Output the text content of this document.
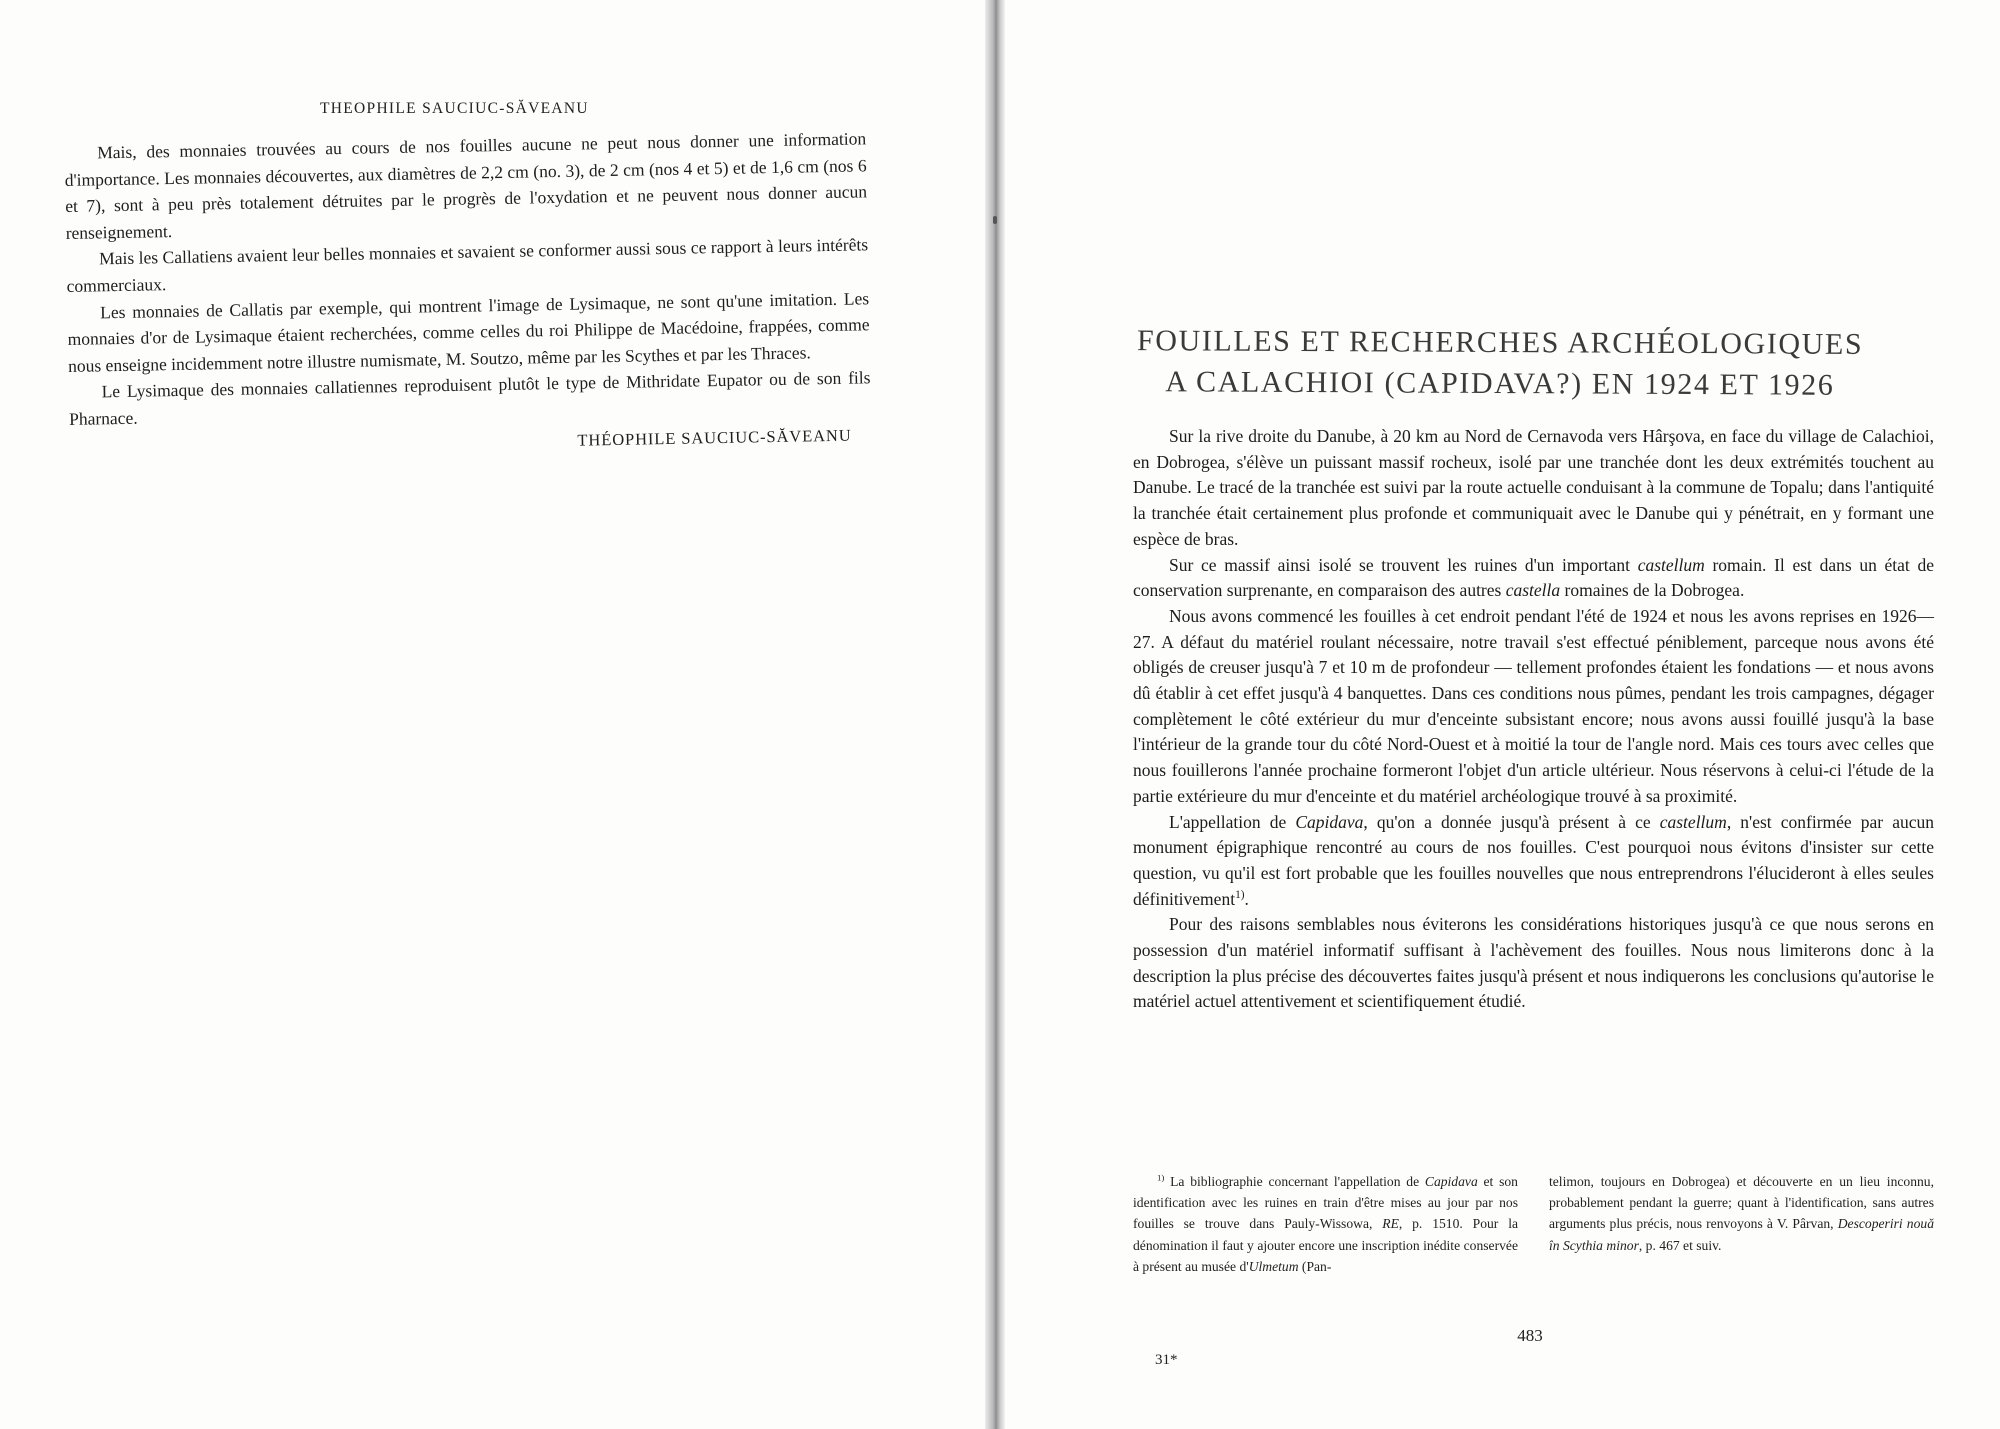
THEOPHILE SAUCIUC-SĂVEANU

Mais, des monnaies trouvées au cours de nos fouilles aucune ne peut nous donner une information d'importance. Les monnaies découvertes, aux diamètres de 2,2 cm (no. 3), de 2 cm (nos 4 et 5) et de 1,6 cm (nos 6 et 7), sont à peu près totalement détruites par le progrès de l'oxydation et ne peuvent nous donner aucun renseignement.

Mais les Callatiens avaient leur belles monnaies et savaient se conformer aussi sous ce rapport à leurs intérêts commerciaux.

Les monnaies de Callatis par exemple, qui montrent l'image de Lysimaque, ne sont qu'une imitation. Les monnaies d'or de Lysimaque étaient recherchées, comme celles du roi Philippe de Macédoine, frappées, comme nous enseigne incidemment notre illustre numismate, M. Soutzo, même par les Scythes et par les Thraces.

Le Lysimaque des monnaies callatiennes reproduisent plutôt le type de Mithridate Eupator ou de son fils Pharnace.

THÉOPHILE SAUCIUC-SĂVEANU
FOUILLES ET RECHERCHES ARCHÉOLOGIQUES
A CALACHIOI (CAPIDAVA?) EN 1924 ET 1926

Sur la rive droite du Danube, à 20 km au Nord de Cernavoda vers Hârşova, en face du village de Calachioi, en Dobrogea, s'élève un puissant massif rocheux, isolé par une tranchée dont les deux extrémités touchent au Danube. Le tracé de la tranchée est suivi par la route actuelle conduisant à la commune de Topalu; dans l'antiquité la tranchée était certainement plus profonde et communiquait avec le Danube qui y pénétrait, en y formant une espèce de bras.

Sur ce massif ainsi isolé se trouvent les ruines d'un important castellum romain. Il est dans un état de conservation surprenante, en comparaison des autres castella romaines de la Dobrogea.

Nous avons commencé les fouilles à cet endroit pendant l'été de 1924 et nous les avons reprises en 1926—27. A défaut du matériel roulant nécessaire, notre travail s'est effectué péniblement, parceque nous avons été obligés de creuser jusqu'à 7 et 10 m de profondeur — tellement profondes étaient les fondations — et nous avons dû établir à cet effet jusqu'à 4 banquettes. Dans ces conditions nous pûmes, pendant les trois campagnes, dégager complètement le côté extérieur du mur d'enceinte subsistant encore; nous avons aussi fouillé jusqu'à la base l'intérieur de la grande tour du côté Nord-Ouest et à moitié la tour de l'angle nord. Mais ces tours avec celles que nous fouillerons l'année prochaine formeront l'objet d'un article ultérieur. Nous réservons à celui-ci l'étude de la partie extérieure du mur d'enceinte et du matériel archéologique trouvé à sa proximité.

L'appellation de Capidava, qu'on a donnée jusqu'à présent à ce castellum, n'est confirmée par aucun monument épigraphique rencontré au cours de nos fouilles. C'est pourquoi nous évitons d'insister sur cette question, vu qu'il est fort probable que les fouilles nouvelles que nous entreprendrons l'élucideront à elles seules définitivement$^{1)}$.

Pour des raisons semblables nous éviterons les considérations historiques jusqu'à ce que nous serons en possession d'un matériel informatif suffisant à l'achèvement des fouilles. Nous nous limiterons donc à la description la plus précise des découvertes faites jusqu'à présent et nous indiquerons les conclusions qu'autorise le matériel actuel attentivement et scientifiquement étudié.

$^{1)}$ La bibliographie concernant l'appellation de Capidava et son identification avec les ruines en train d'être mises au jour par nos fouilles se trouve dans Pauly-Wissowa, RE, p. 1510. Pour la dénomination il faut y ajouter encore une inscription inédite conservée à présent au musée d'Ulmetum (Pan-

telimon, toujours en Dobrogea) et découverte en un lieu inconnu, probablement pendant la guerre; quant à l'identification, sans autres arguments plus précis, nous renvoyons à V. Pârvan, Descoperiri nouă în Scythia minor, p. 467 et suiv.

483
31*
